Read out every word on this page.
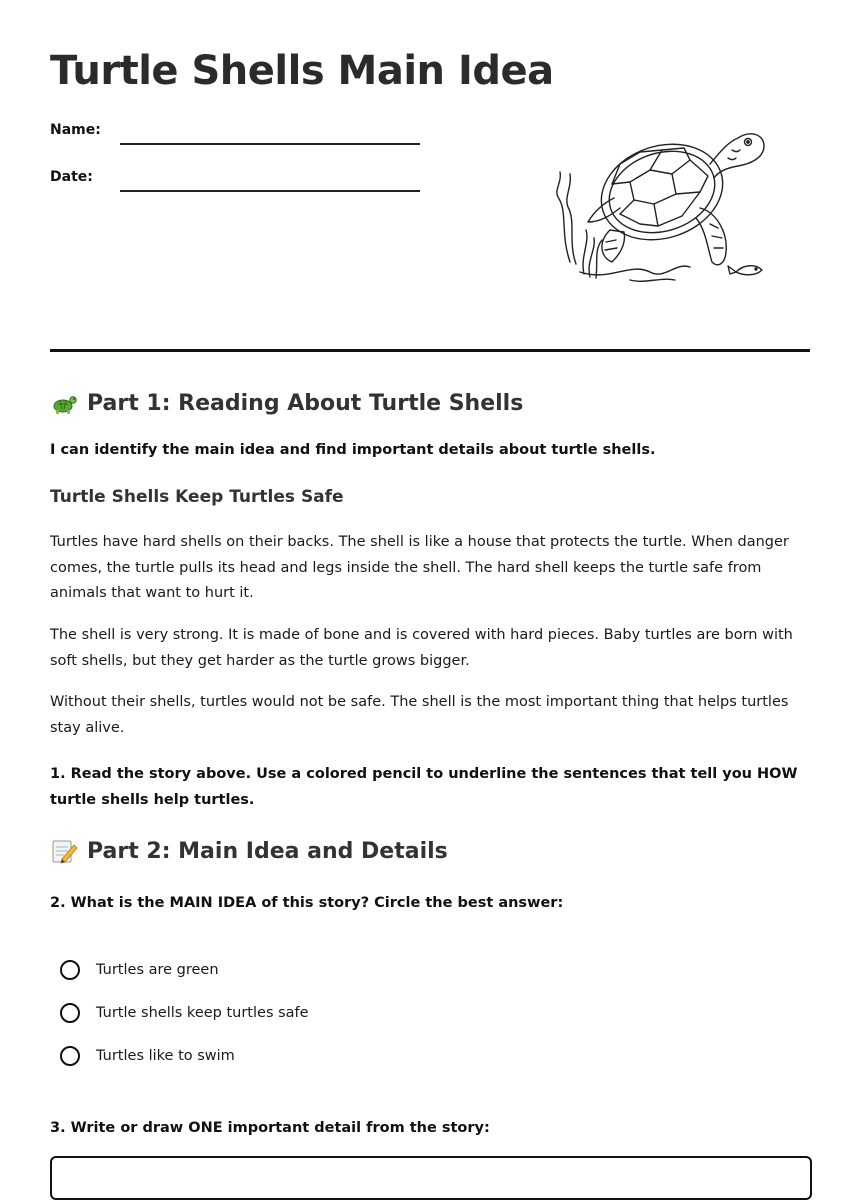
Turtle Shells Main Idea
Name:
Date:
Part 1: Reading About Turtle Shells

I can identify the main idea and find important details about turtle shells.

Turtle Shells Keep Turtles Safe

Turtles have hard shells on their backs. The shell is like a house that protects the turtle. When danger comes, the turtle pulls its head and legs inside the shell. The hard shell keeps the turtle safe from animals that want to hurt it.

The shell is very strong. It is made of bone and is covered with hard pieces. Baby turtles are born with soft shells, but they get harder as the turtle grows bigger.

Without their shells, turtles would not be safe. The shell is the most important thing that helps turtles stay alive.

1. Read the story above. Use a colored pencil to underline the sentences that tell you HOW turtle shells help turtles.

Part 2: Main Idea and Details

2. What is the MAIN IDEA of this story? Circle the best answer:

Turtles are green
Turtle shells keep turtles safe
Turtles like to swim

3. Write or draw ONE important detail from the story:
